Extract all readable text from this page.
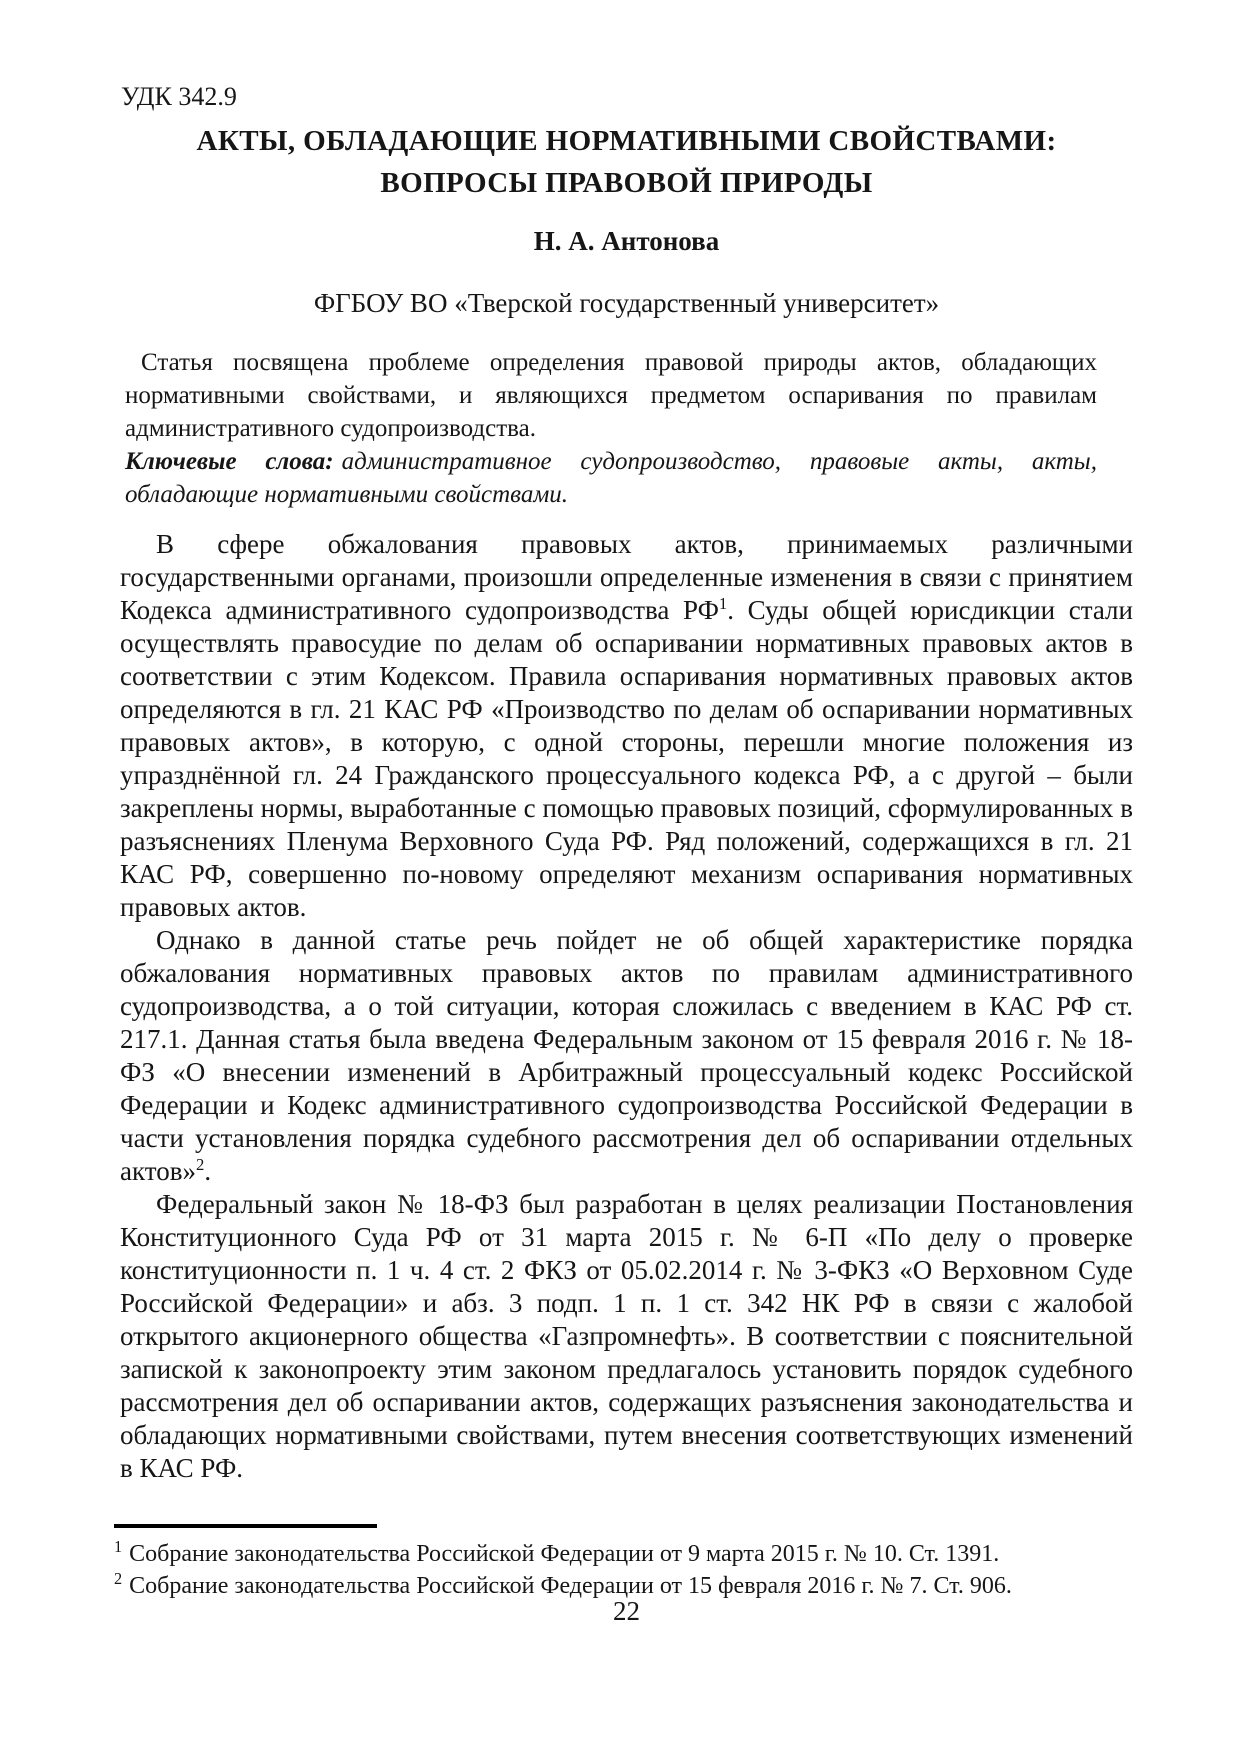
УДК 342.9
АКТЫ, ОБЛАДАЮЩИЕ НОРМАТИВНЫМИ СВОЙСТВАМИ:
ВОПРОСЫ ПРАВОВОЙ ПРИРОДЫ
Н. А. Антонова
ФГБОУ ВО «Тверской государственный университет»

Статья посвящена проблеме определения правовой природы актов, обладающих нормативными свойствами, и являющихся предметом оспаривания по правилам административного судопроизводства.

Ключевые слова: административное судопроизводство, правовые акты, акты, обладающие нормативными свойствами.

В сфере обжалования правовых актов, принимаемых различными государственными органами, произошли определенные изменения в связи с принятием Кодекса административного судопроизводства РФ$^1$. Суды общей юрисдикции стали осуществлять правосудие по делам об оспаривании нормативных правовых актов в соответствии с этим Кодексом. Правила оспаривания нормативных правовых актов определяются в гл. 21 КАС РФ «Производство по делам об оспаривании нормативных правовых актов», в которую, с одной стороны, перешли многие положения из упразднённой гл. 24 Гражданского процессуального кодекса РФ, а с другой – были закреплены нормы, выработанные с помощью правовых позиций, сформулированных в разъяснениях Пленума Верховного Суда РФ. Ряд положений, содержащихся в гл. 21 КАС РФ, совершенно по-новому определяют механизм оспаривания нормативных правовых актов.

Однако в данной статье речь пойдет не об общей характеристике порядка обжалования нормативных правовых актов по правилам административного судопроизводства, а о той ситуации, которая сложилась с введением в КАС РФ ст. 217.1. Данная статья была введена Федеральным законом от 15 февраля 2016 г. № 18-ФЗ «О внесении изменений в Арбитражный процессуальный кодекс Российской Федерации и Кодекс административного судопроизводства Российской Федерации в части установления порядка судебного рассмотрения дел об оспаривании отдельных актов»$^2$.

Федеральный закон № 18-ФЗ был разработан в целях реализации Постановления Конституционного Суда РФ от 31 марта 2015 г. № 6-П «По делу о проверке конституционности п. 1 ч. 4 ст. 2 ФКЗ от 05.02.2014 г. № 3-ФКЗ «О Верховном Суде Российской Федерации» и абз. 3 подп. 1 п. 1 ст. 342 НК РФ в связи с жалобой открытого акционерного общества «Газпромнефть». В соответствии с пояснительной запиской к законопроекту этим законом предлагалось установить порядок судебного рассмотрения дел об оспаривании актов, содержащих разъяснения законодательства и обладающих нормативными свойствами, путем внесения соответствующих изменений в КАС РФ.

$^1$ Собрание законодательства Российской Федерации от 9 марта 2015 г. № 10. Ст. 1391.
$^2$ Собрание законодательства Российской Федерации от 15 февраля 2016 г. № 7. Ст. 906.
22
